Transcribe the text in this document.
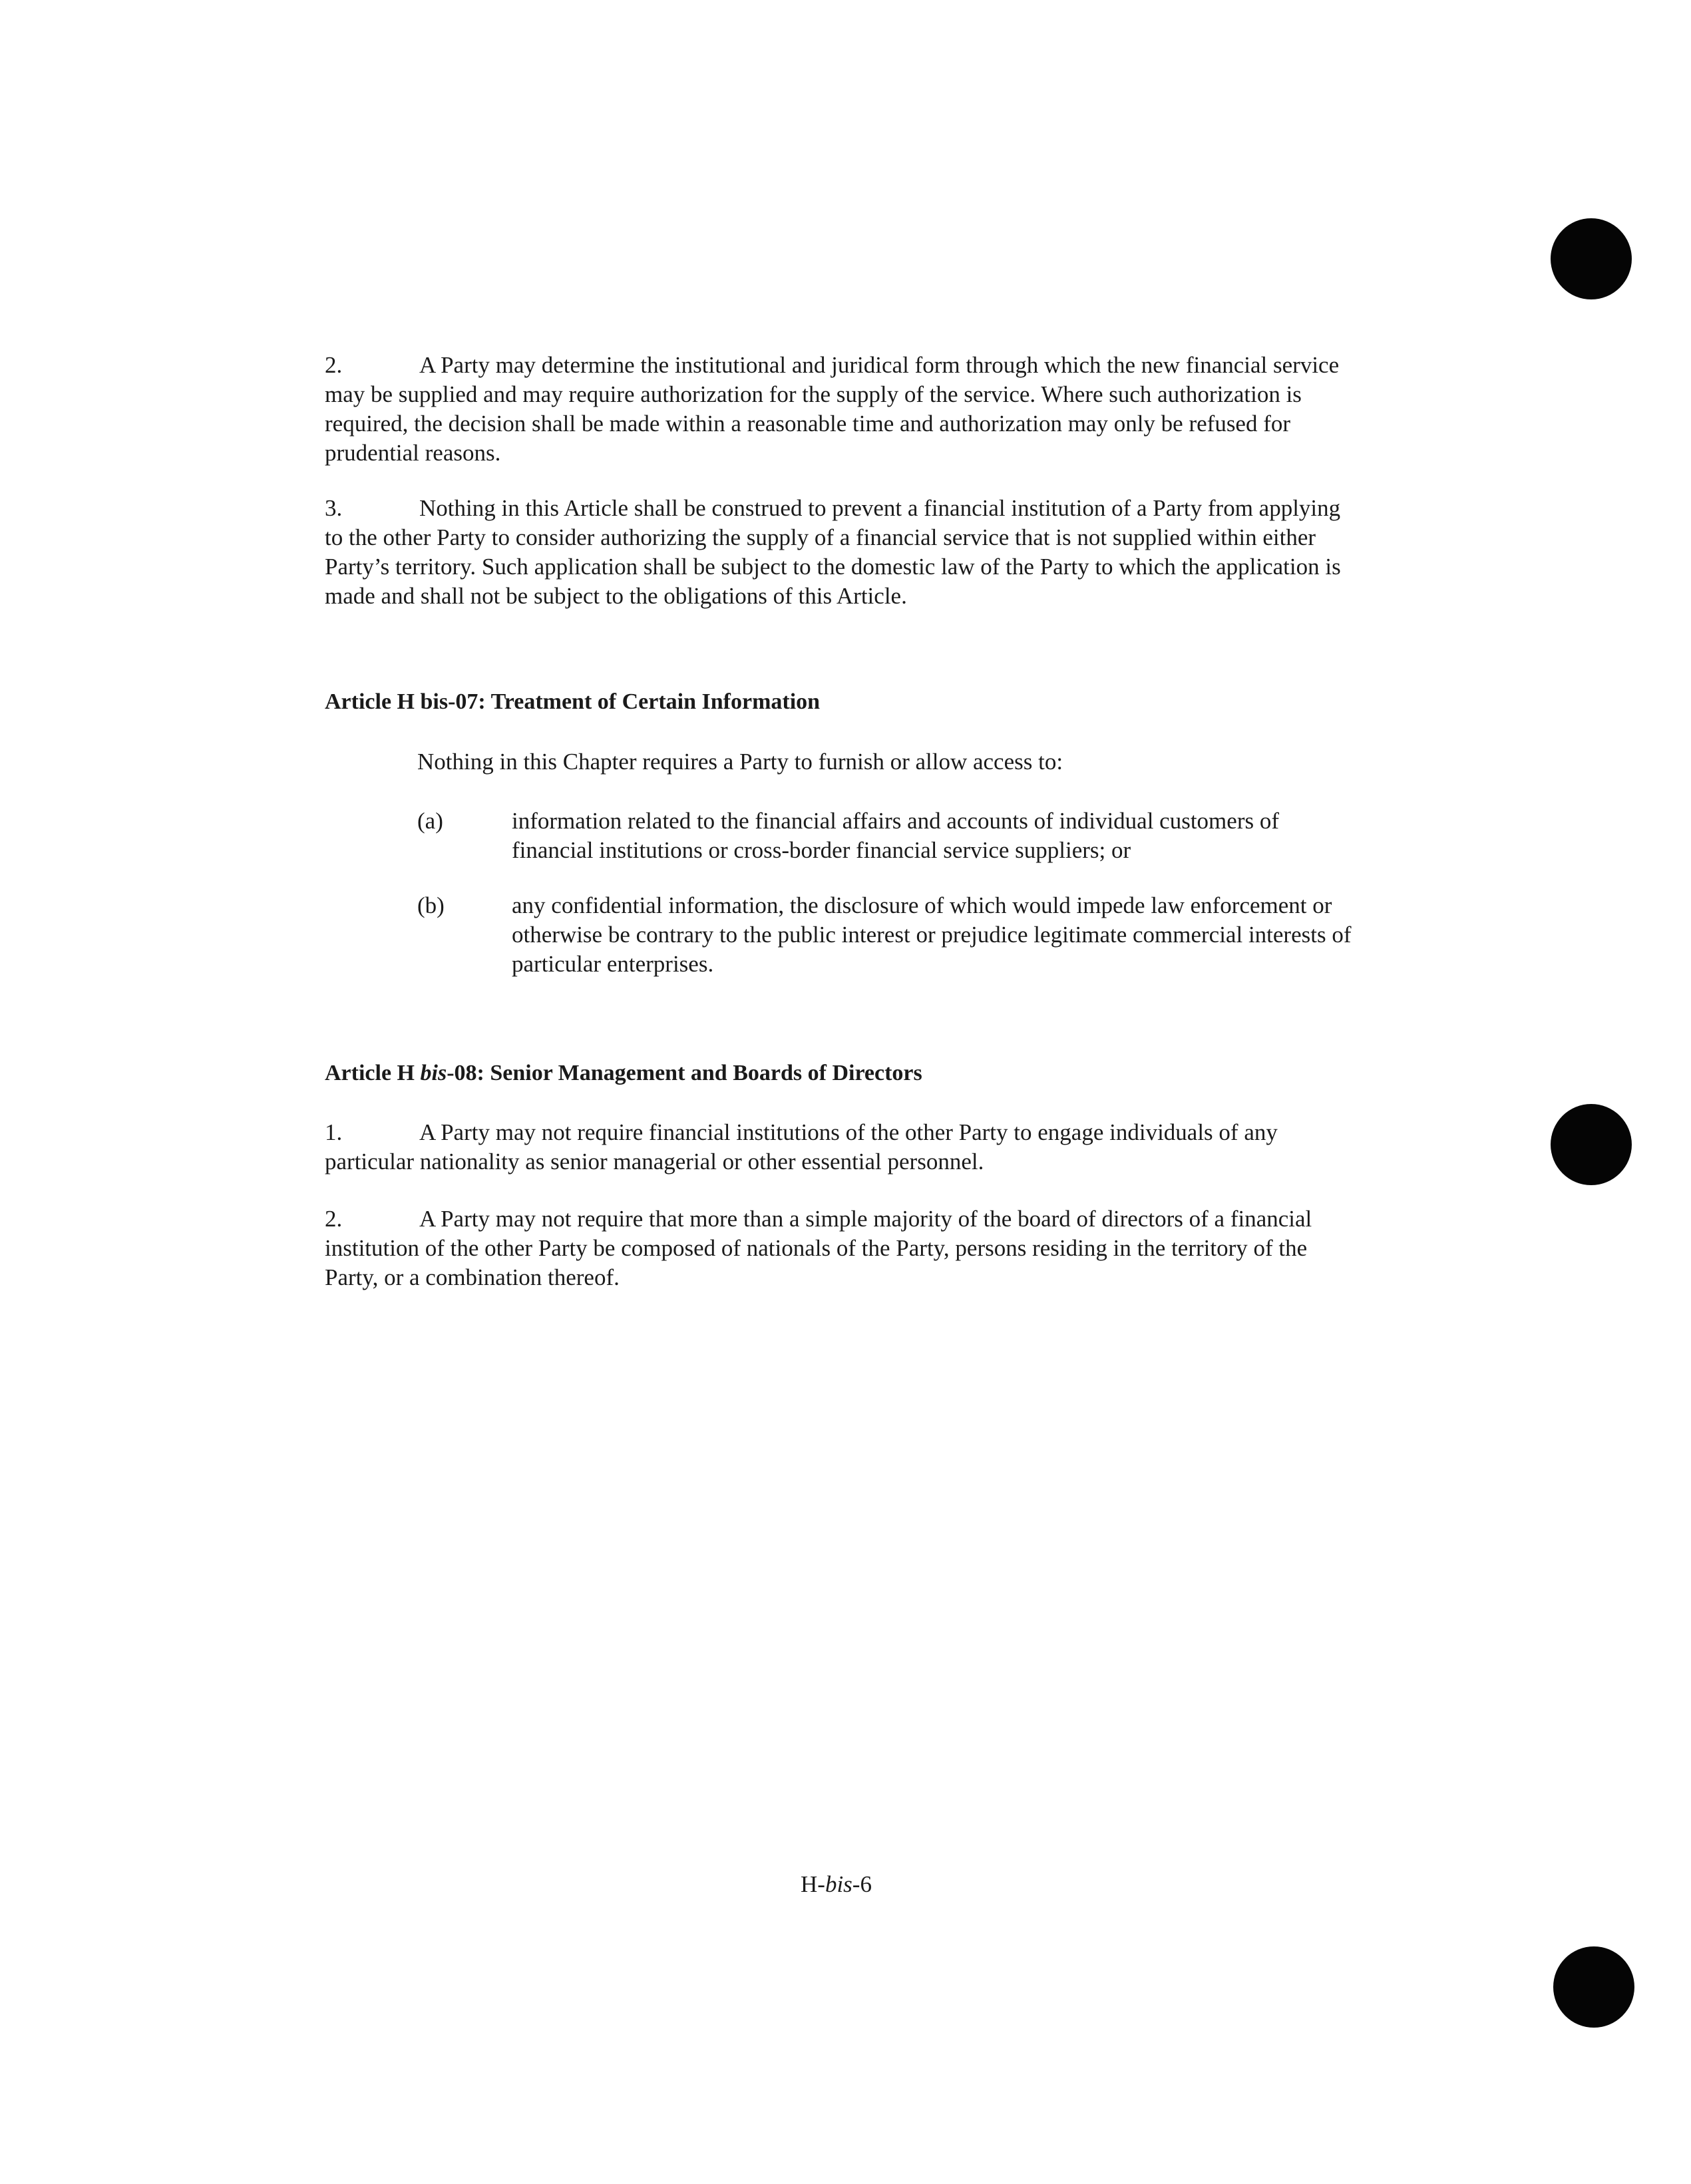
2.	A Party may determine the institutional and juridical form through which the new financial service may be supplied and may require authorization for the supply of the service. Where such authorization is required, the decision shall be made within a reasonable time and authorization may only be refused for prudential reasons.

3.	Nothing in this Article shall be construed to prevent a financial institution of a Party from applying to the other Party to consider authorizing the supply of a financial service that is not supplied within either Party’s territory. Such application shall be subject to the domestic law of the Party to which the application is made and shall not be subject to the obligations of this Article.

Article H bis-07: Treatment of Certain Information

Nothing in this Chapter requires a Party to furnish or allow access to:

(a)	information related to the financial affairs and accounts of individual customers of financial institutions or cross-border financial service suppliers; or
(b)	any confidential information, the disclosure of which would impede law enforcement or otherwise be contrary to the public interest or prejudice legitimate commercial interests of particular enterprises.
Article H bis-08: Senior Management and Boards of Directors

1.	A Party may not require financial institutions of the other Party to engage individuals of any particular nationality as senior managerial or other essential personnel.

2.	A Party may not require that more than a simple majority of the board of directors of a financial institution of the other Party be composed of nationals of the Party, persons residing in the territory of the Party, or a combination thereof.

H-bis-6
